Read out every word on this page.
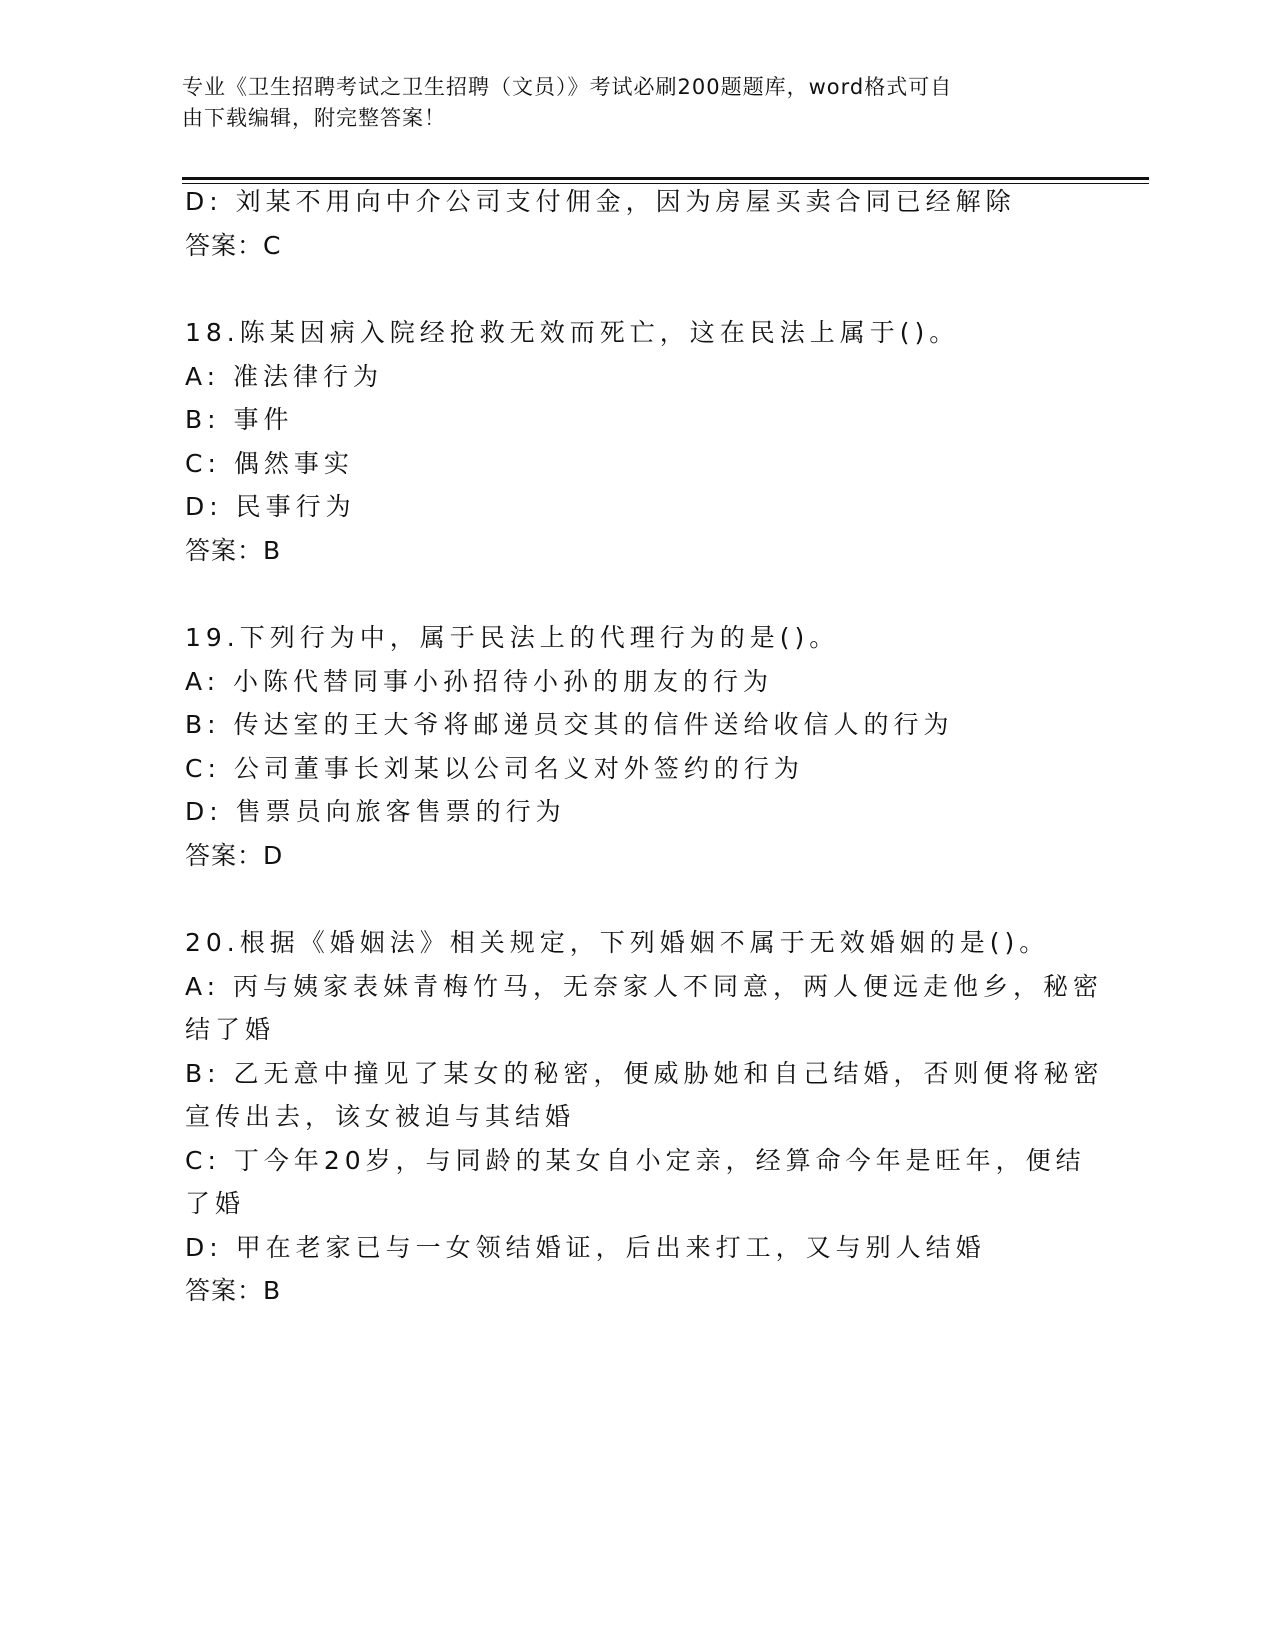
专业《卫生招聘考试之卫生招聘（文员）》考试必刷200题题库，word格式可自
由下载编辑，附完整答案！
D: 刘某不用向中介公司支付佣金，因为房屋买卖合同已经解除
答案：C
18.陈某因病入院经抢救无效而死亡，这在民法上属于()。
A: 准法律行为
B: 事件
C: 偶然事实
D: 民事行为
答案：B
19.下列行为中，属于民法上的代理行为的是()。
A: 小陈代替同事小孙招待小孙的朋友的行为
B: 传达室的王大爷将邮递员交其的信件送给收信人的行为
C: 公司董事长刘某以公司名义对外签约的行为
D: 售票员向旅客售票的行为
答案：D
20.根据《婚姻法》相关规定，下列婚姻不属于无效婚姻的是()。
A: 丙与姨家表妹青梅竹马，无奈家人不同意，两人便远走他乡，秘密
结了婚
B: 乙无意中撞见了某女的秘密，便威胁她和自己结婚，否则便将秘密
宣传出去，该女被迫与其结婚
C: 丁今年20岁，与同龄的某女自小定亲，经算命今年是旺年，便结
了婚
D: 甲在老家已与一女领结婚证，后出来打工，又与别人结婚
答案：B
